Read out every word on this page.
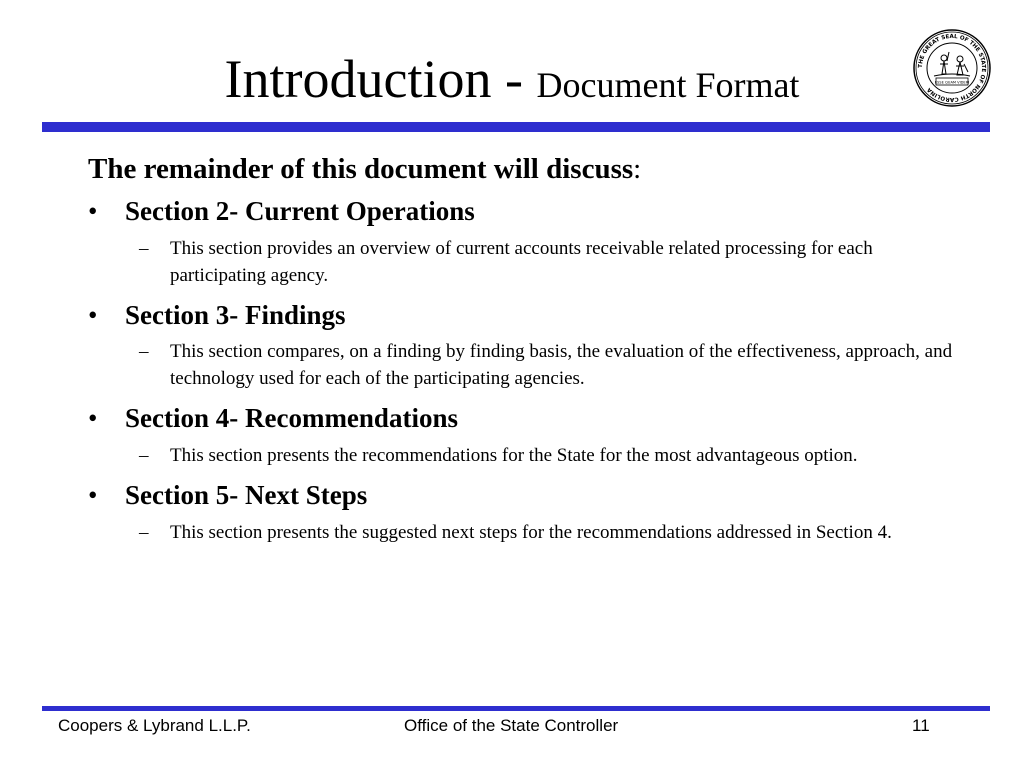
Introduction - Document Format	THE GREAT SEAL OF THE STATE OF NORTH CAROLINA
ESSE QUAM VIDERI
The remainder of this document will discuss:
• Section 2- Current Operations
– This section provides an overview of current accounts receivable related processing for each participating agency.
• Section 3- Findings
– This section compares, on a finding by finding basis, the evaluation of the effectiveness, approach, and technology used for each of the participating agencies.
• Section 4- Recommendations
– This section presents the recommendations for the State for the most advantageous option.
• Section 5- Next Steps
– This section presents the suggested next steps for the recommendations addressed in Section 4.
Coopers & Lybrand L.L.P.	Office of the State Controller	11
